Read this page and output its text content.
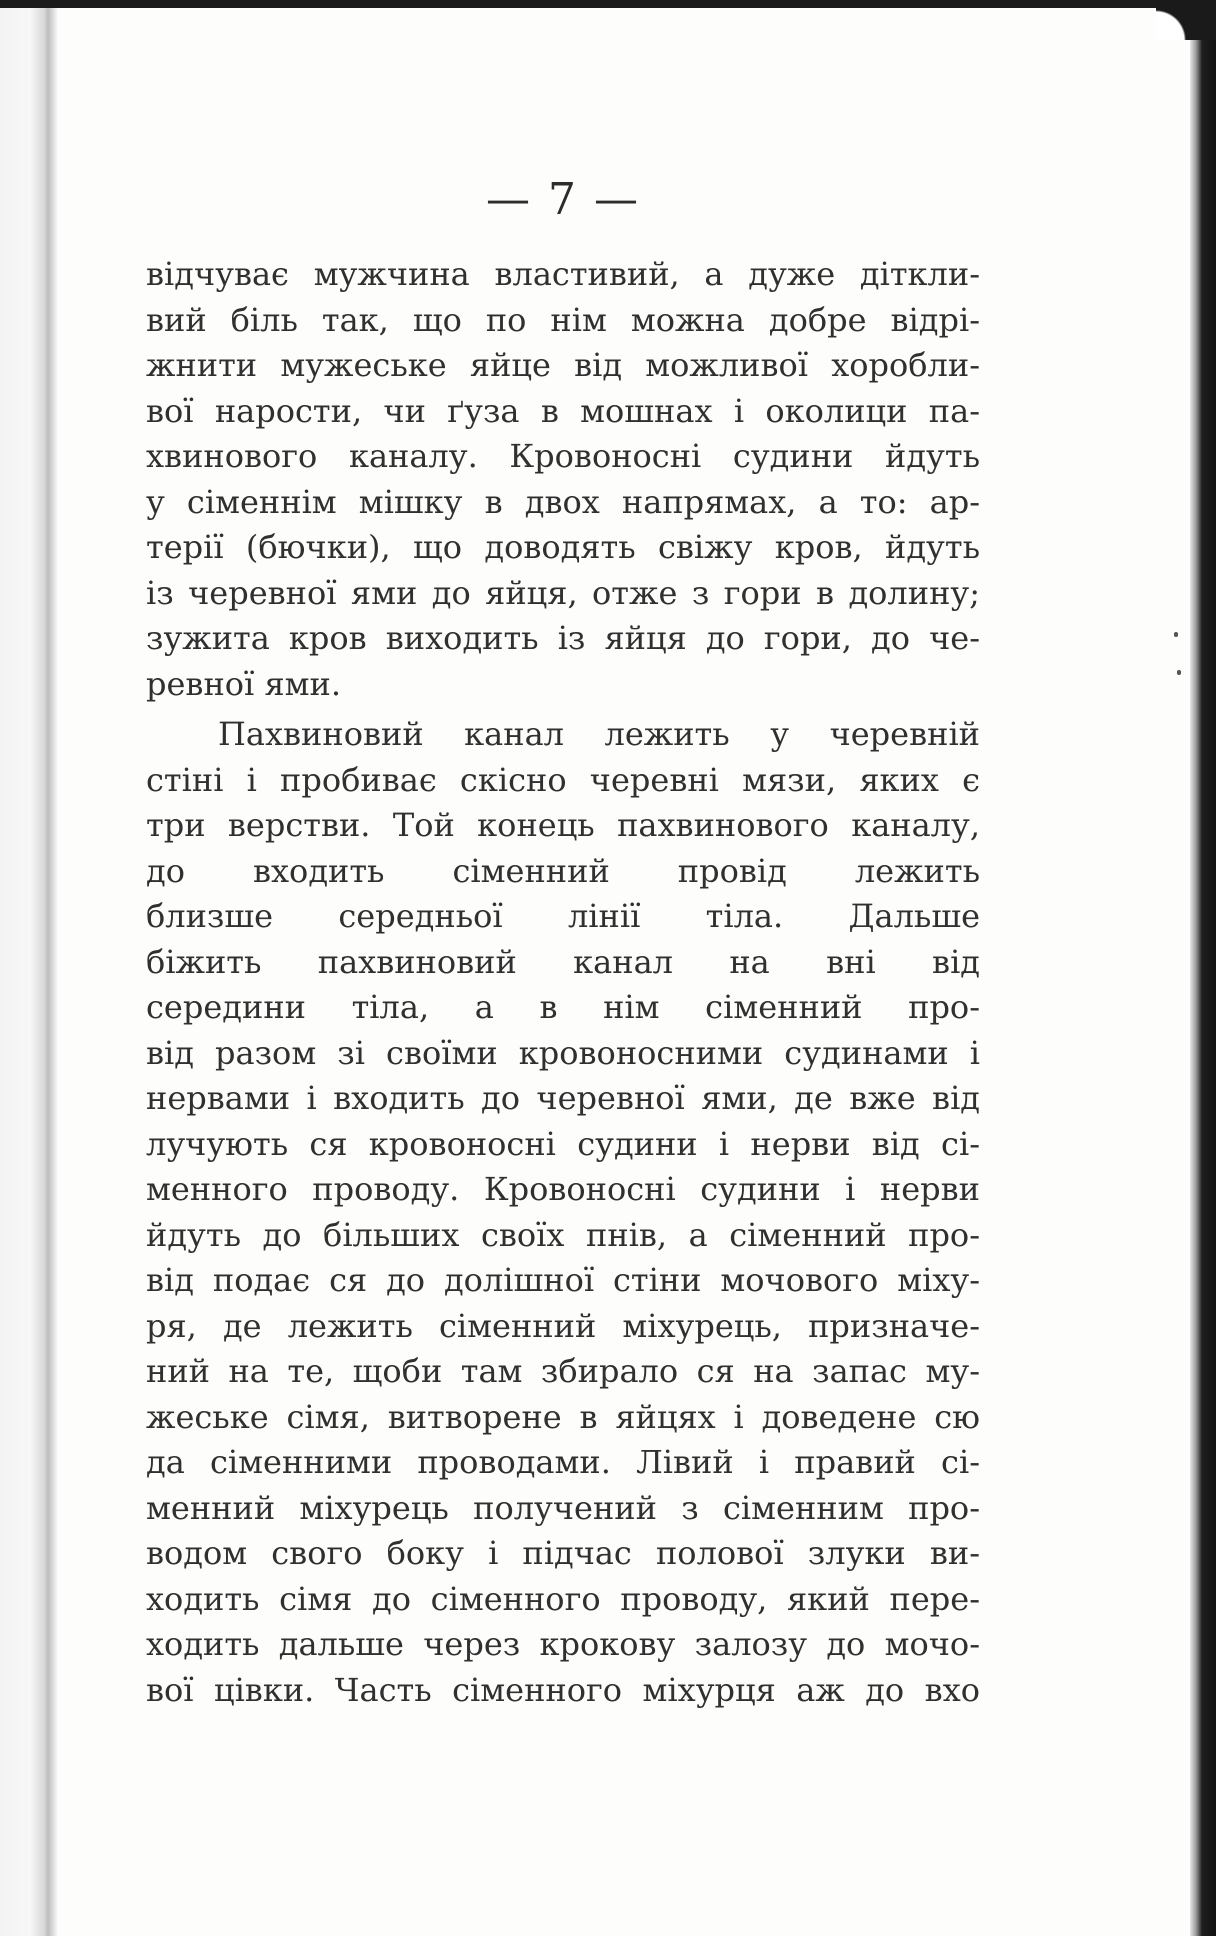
— 7 —
відчуває мужчина властивий, а дуже діткли-
вий біль так, що по нім можна добре відрі-
жнити мужеське яйце від можливої хоробли-
вої нарости, чи ґуза в мошнах і околици па-
хвинового каналу. Кровоносні судини йдуть
у сіменнім мішку в двох напрямах, а то: ар-
терії (бючки), що доводять свіжу кров, йдуть
із черевної ями до яйця, отже з гори в долину;
зужита кров виходить із яйця до гори, до че-
ревної ями.
Пахвиновий канал лежить у черевній
стіні і пробиває скісно черевні мязи, яких є
три верстви. Той конець пахвинового каналу,
до входить сіменний провід лежить
близше середньої лінії тіла. Дальше
біжить пахвиновий канал на вні від
середини тіла, а в нім сіменний про-
від разом зі своїми кровоносними судинами і
нервами і входить до черевної ями, де вже від
лучують ся кровоносні судини і нерви від сі-
менного проводу. Кровоносні судини і нерви
йдуть до більших своїх пнів, а сіменний про-
від подає ся до долішної стіни мочового міху-
ря, де лежить сіменний міхурець, призначе-
ний на те, щоби там збирало ся на запас му-
жеське сімя, витворене в яйцях і доведене сю
да сіменними проводами. Лівий і правий сі-
менний міхурець получений з сіменним про-
водом свого боку і підчас полової злуки ви-
ходить сімя до сіменного проводу, який пере-
ходить дальше через крокову залозу до мочо-
вої цівки. Часть сіменного міхурця аж до вхо
